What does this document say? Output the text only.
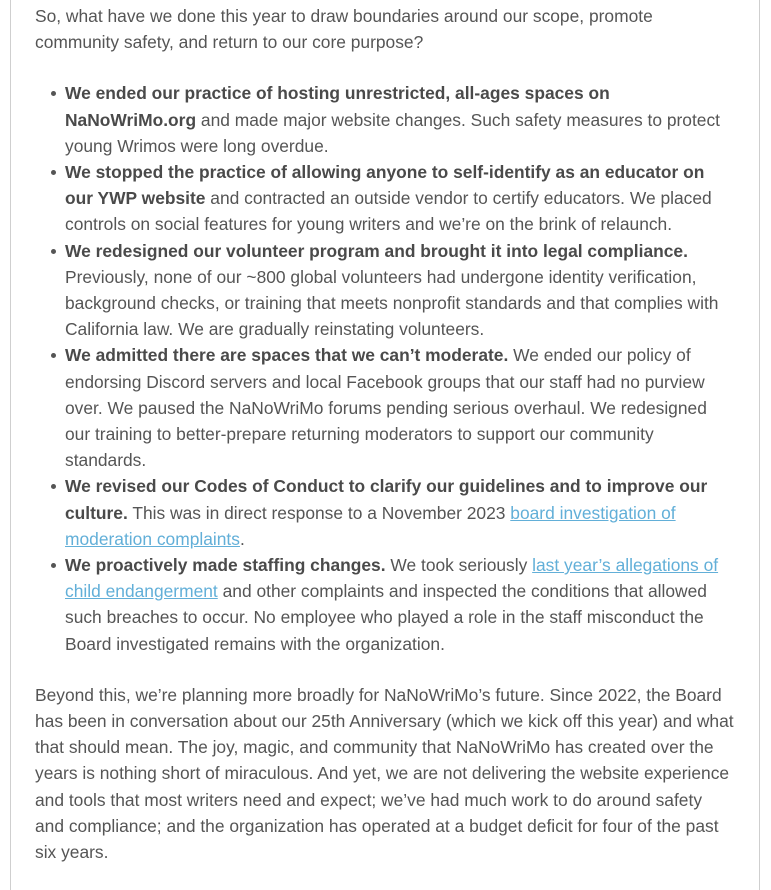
So, what have we done this year to draw boundaries around our scope, promote community safety, and return to our core purpose?

We ended our practice of hosting unrestricted, all-ages spaces on NaNoWriMo.org and made major website changes. Such safety measures to protect young Wrimos were long overdue.
We stopped the practice of allowing anyone to self-identify as an educator on our YWP website and contracted an outside vendor to certify educators. We placed controls on social features for young writers and we’re on the brink of relaunch.
We redesigned our volunteer program and brought it into legal compliance. Previously, none of our ~800 global volunteers had undergone identity verification, background checks, or training that meets nonprofit standards and that complies with California law. We are gradually reinstating volunteers.
We admitted there are spaces that we can’t moderate. We ended our policy of endorsing Discord servers and local Facebook groups that our staff had no purview over. We paused the NaNoWriMo forums pending serious overhaul. We redesigned our training to better-prepare returning moderators to support our community standards.
We revised our Codes of Conduct to clarify our guidelines and to improve our culture. This was in direct response to a November 2023 board investigation of moderation complaints.
We proactively made staffing changes. We took seriously last year’s allegations of child endangerment and other complaints and inspected the conditions that allowed such breaches to occur. No employee who played a role in the staff misconduct the Board investigated remains with the organization.

Beyond this, we’re planning more broadly for NaNoWriMo’s future. Since 2022, the Board has been in conversation about our 25th Anniversary (which we kick off this year) and what that should mean. The joy, magic, and community that NaNoWriMo has created over the years is nothing short of miraculous. And yet, we are not delivering the website experience and tools that most writers need and expect; we’ve had much work to do around safety and compliance; and the organization has operated at a budget deficit for four of the past six years.
